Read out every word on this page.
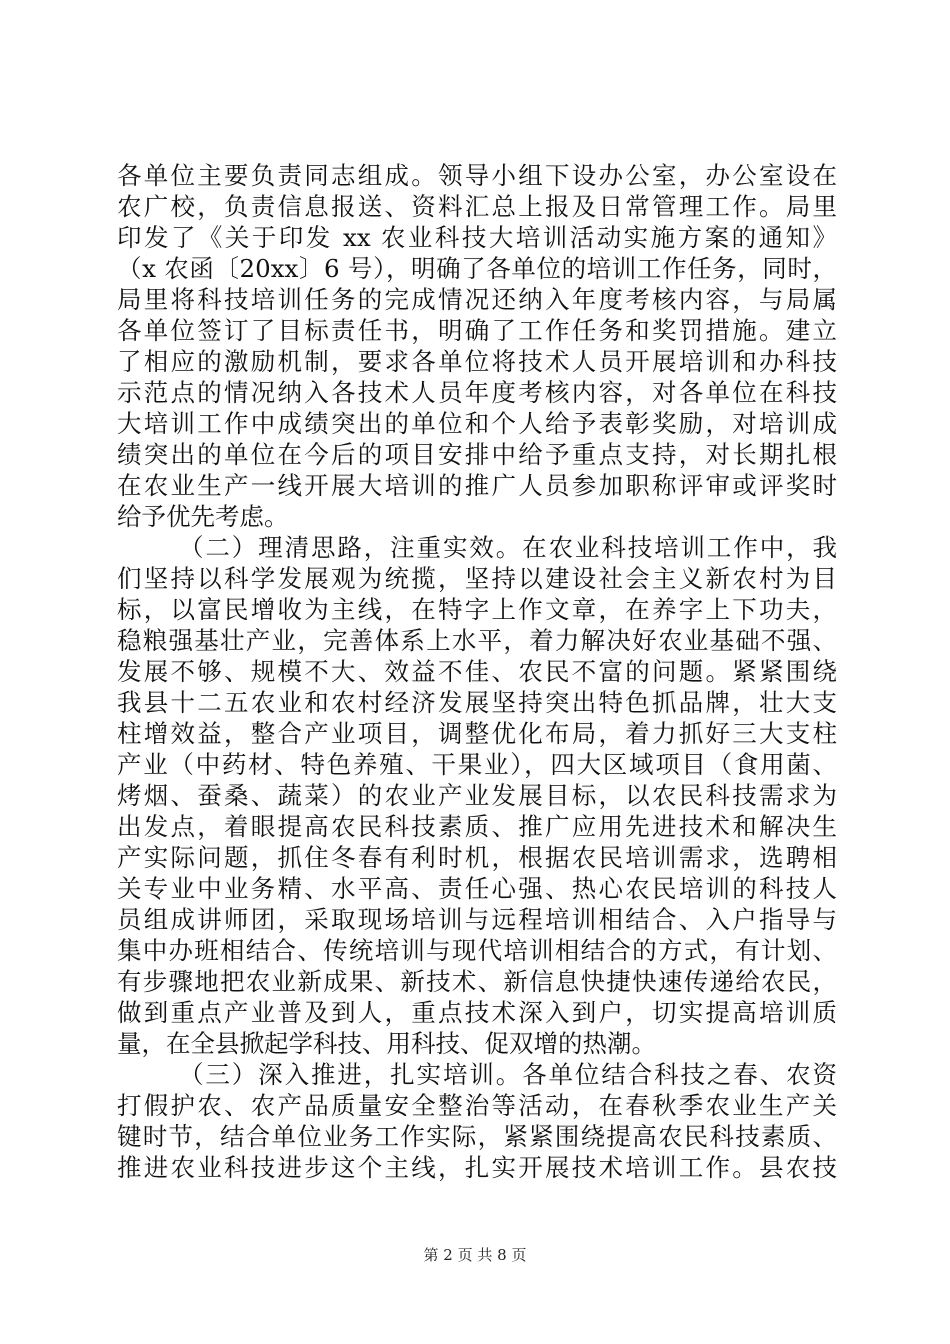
各单位主要负责同志组成。领导小组下设办公室，办公室设在
农广校，负责信息报送、资料汇总上报及日常管理工作。局里
印发了《关于印发 xx 农业科技大培训活动实施方案的通知》
（x 农函〔20xx〕6 号），明确了各单位的培训工作任务，同时，
局里将科技培训任务的完成情况还纳入年度考核内容，与局属
各单位签订了目标责任书，明确了工作任务和奖罚措施。建立
了相应的激励机制，要求各单位将技术人员开展培训和办科技
示范点的情况纳入各技术人员年度考核内容，对各单位在科技
大培训工作中成绩突出的单位和个人给予表彰奖励，对培训成
绩突出的单位在今后的项目安排中给予重点支持，对长期扎根
在农业生产一线开展大培训的推广人员参加职称评审或评奖时
给予优先考虑。
（二）理清思路，注重实效。在农业科技培训工作中，我
们坚持以科学发展观为统揽，坚持以建设社会主义新农村为目
标，以富民增收为主线，在特字上作文章，在养字上下功夫，
稳粮强基壮产业，完善体系上水平，着力解决好农业基础不强、
发展不够、规模不大、效益不佳、农民不富的问题。紧紧围绕
我县十二五农业和农村经济发展坚持突出特色抓品牌，壮大支
柱增效益，整合产业项目，调整优化布局，着力抓好三大支柱
产业（中药材、特色养殖、干果业），四大区域项目（食用菌、
烤烟、蚕桑、蔬菜）的农业产业发展目标，以农民科技需求为
出发点，着眼提高农民科技素质、推广应用先进技术和解决生
产实际问题，抓住冬春有利时机，根据农民培训需求，选聘相
关专业中业务精、水平高、责任心强、热心农民培训的科技人
员组成讲师团，采取现场培训与远程培训相结合、入户指导与
集中办班相结合、传统培训与现代培训相结合的方式，有计划、
有步骤地把农业新成果、新技术、新信息快捷快速传递给农民，
做到重点产业普及到人，重点技术深入到户，切实提高培训质
量，在全县掀起学科技、用科技、促双增的热潮。
（三）深入推进，扎实培训。各单位结合科技之春、农资
打假护农、农产品质量安全整治等活动，在春秋季农业生产关
键时节，结合单位业务工作实际，紧紧围绕提高农民科技素质、
推进农业科技进步这个主线，扎实开展技术培训工作。县农技
第 2 页 共 8 页
